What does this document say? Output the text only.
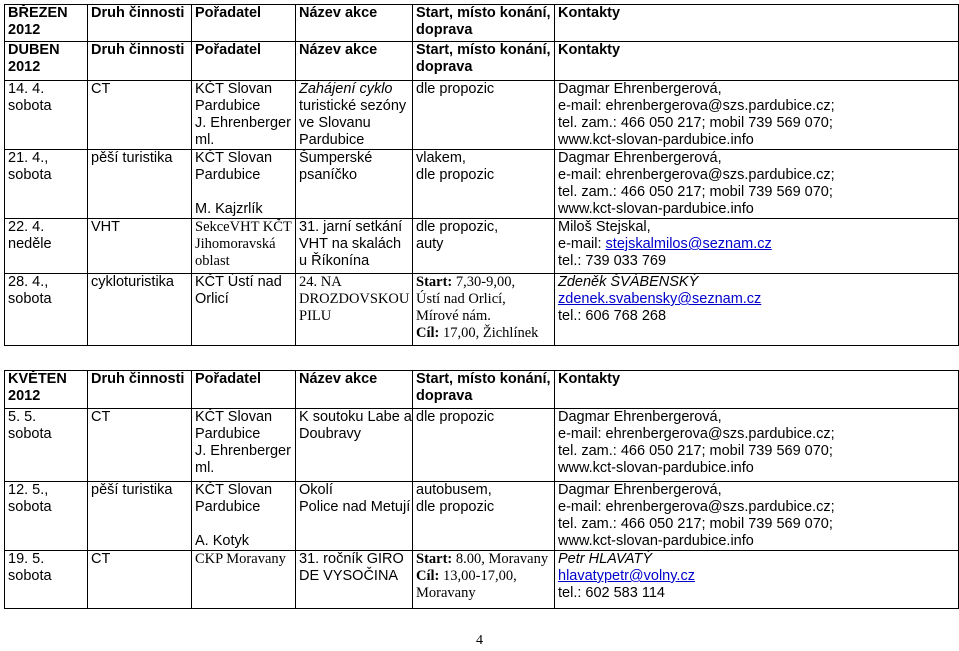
BŘEZEN 2012	Druh činnosti	Pořadatel	Název akce	Start, místo konání, doprava	Kontakty

DUBEN 2012	Druh činnosti	Pořadatel	Název akce	Start, místo konání, doprava	Kontakty

14. 4.
sobota	CT	KČT Slovan
Pardubice
J. Ehrenberger
ml.	Zahájení cyklo
turistické sezóny
ve Slovanu
Pardubice	dle propozic	Dagmar Ehrenbergerová,
e-mail: ehrenbergerova@szs.pardubice.cz;
tel. zam.: 466 050 217; mobil 739 569 070;
www.kct-slovan-pardubice.info

21. 4.,
sobota	pěší turistika	KČT Slovan
Pardubice
M. Kajzrlík	Šumperské
psaníčko	vlakem,
dle propozic	Dagmar Ehrenbergerová,
e-mail: ehrenbergerova@szs.pardubice.cz;
tel. zam.: 466 050 217; mobil 739 569 070;
www.kct-slovan-pardubice.info

22. 4.
neděle	VHT	SekceVHT KČT
Jihomoravská
oblast	31. jarní setkání
VHT na skalách
u Říkonína	dle propozic,
auty	Miloš Stejskal,
e-mail: stejskalmilos@seznam.cz
tel.: 739 033 769

28. 4.,
sobota	cykloturistika	KČT Ústí nad
Orlicí	24. NA
DROZDOVSKOU
PILU	Start: 7,30-9,00,
Ústí nad Orlicí,
Mírové nám.
Cíl: 17,00, Žichlínek	Zdeněk ŠVÁBENSKÝ
zdenek.svabensky@seznam.cz
tel.: 606 768 268
KVĚTEN 2012	Druh činnosti	Pořadatel	Název akce	Start, místo konání, doprava	Kontakty

5. 5.
sobota	CT	KČT Slovan
Pardubice
J. Ehrenberger
ml.	K soutoku Labe a
Doubravy	dle propozic	Dagmar Ehrenbergerová,
e-mail: ehrenbergerova@szs.pardubice.cz;
tel. zam.: 466 050 217; mobil 739 569 070;
www.kct-slovan-pardubice.info

12. 5.,
sobota	pěší turistika	KČT Slovan
Pardubice
A. Kotyk	Okolí
Police nad Metují	autobusem,
dle propozic	Dagmar Ehrenbergerová,
e-mail: ehrenbergerova@szs.pardubice.cz;
tel. zam.: 466 050 217; mobil 739 569 070;
www.kct-slovan-pardubice.info

19. 5.
sobota	CT	CKP Moravany	31. ročník GIRO
DE VYSOČINA	Start: 8.00, Moravany
Cíl: 13,00-17,00,
Moravany	Petr HLAVATÝ
hlavatypetr@volny.cz
tel.: 602 583 114
4
